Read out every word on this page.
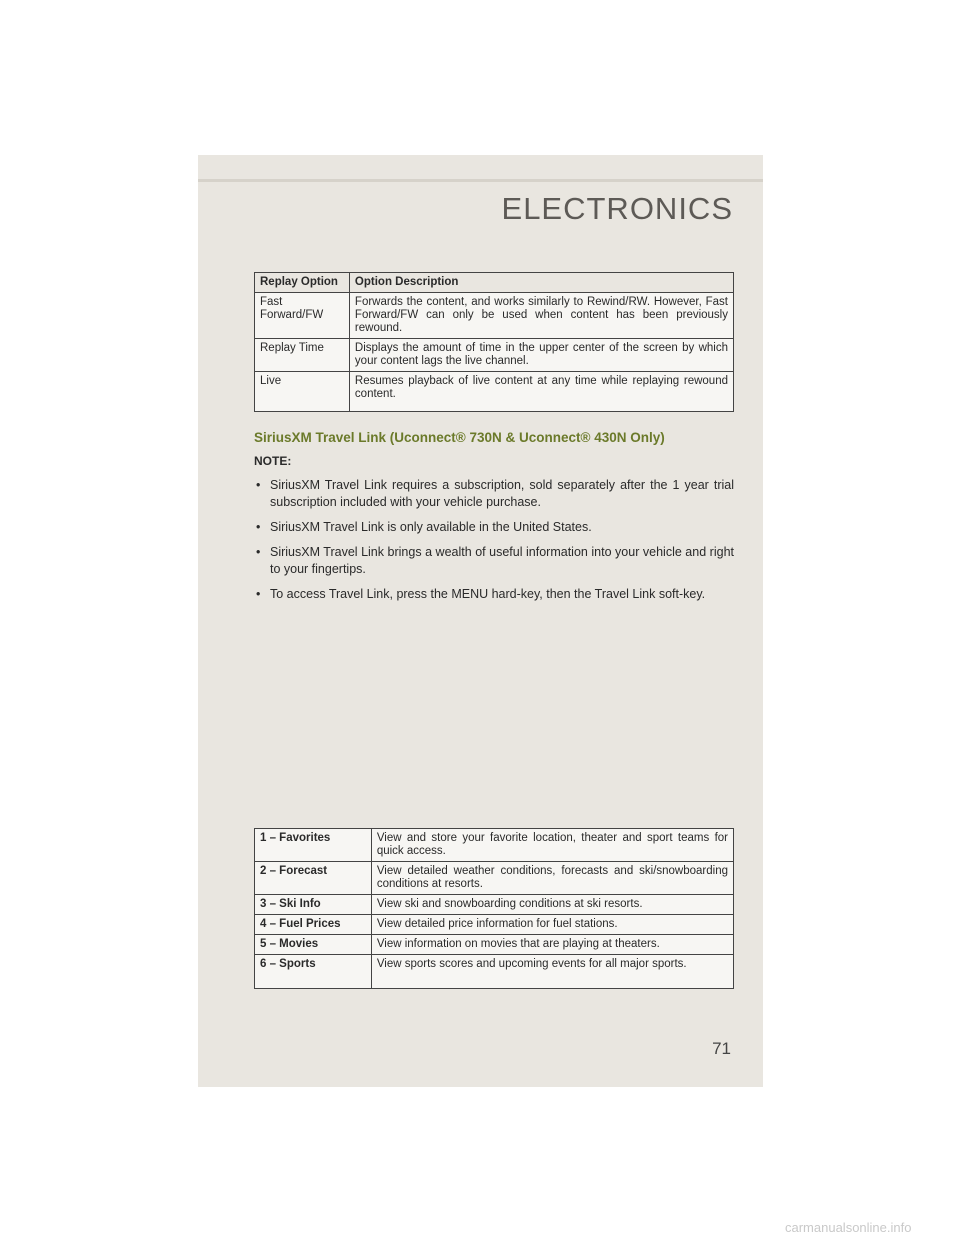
ELECTRONICS
Replay Option	Option Description
Fast Forward/FW	Forwards the content, and works similarly to Rewind/RW. However, Fast Forward/FW can only be used when content has been previously rewound.
Replay Time	Displays the amount of time in the upper center of the screen by which your content lags the live channel.
Live	Resumes playback of live content at any time while replaying rewound content.
SiriusXM Travel Link (Uconnect® 730N & Uconnect® 430N Only)
NOTE:
• SiriusXM Travel Link requires a subscription, sold separately after the 1 year trial subscription included with your vehicle purchase.
• SiriusXM Travel Link is only available in the United States.
• SiriusXM Travel Link brings a wealth of useful information into your vehicle and right to your fingertips.
• To access Travel Link, press the MENU hard-key, then the Travel Link soft-key.
1 – Favorites	View and store your favorite location, theater and sport teams for quick access.
2 – Forecast	View detailed weather conditions, forecasts and ski/snowboarding conditions at resorts.
3 – Ski Info	View ski and snowboarding conditions at ski resorts.
4 – Fuel Prices	View detailed price information for fuel stations.
5 – Movies	View information on movies that are playing at theaters.
6 – Sports	View sports scores and upcoming events for all major sports.
71
carmanualsonline.info
